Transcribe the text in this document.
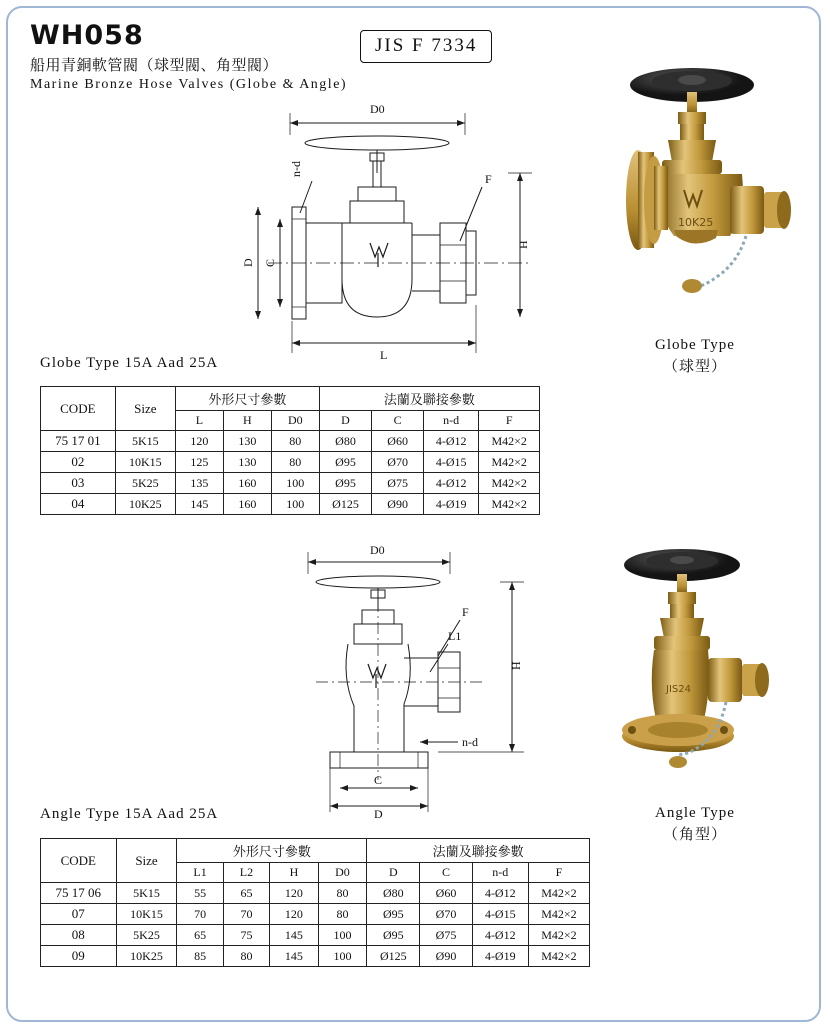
WH058
船用青銅軟管閥（球型閥、角型閥）
Marine Bronze Hose Valves (Globe & Angle)
JIS F 7334
D0
n-d
F
H
D C
L
10K25
Globe Type
（球型）
Globe Type 15A Aad 25A
CODE	Size	外形尺寸參數			法蘭及聯接參數			
		L	H	D0	D	C	n-d	F
75 17 01	5K15	120	130	80	Ø80	Ø60	4-Ø12	M42×2
02	10K15	125	130	80	Ø95	Ø70	4-Ø15	M42×2
03	5K25	135	160	100	Ø95	Ø75	4-Ø12	M42×2
04	10K25	145	160	100	Ø125	Ø90	4-Ø19	M42×2
D0
F
L1
H
n-d
C
D
JIS24
Angle Type
（角型）
Angle Type 15A Aad 25A
CODE	Size	外形尺寸參數				法蘭及聯接參數			
		L1	L2	H	D0	D	C	n-d	F
75 17 06	5K15	55	65	120	80	Ø80	Ø60	4-Ø12	M42×2
07	10K15	70	70	120	80	Ø95	Ø70	4-Ø15	M42×2
08	5K25	65	75	145	100	Ø95	Ø75	4-Ø12	M42×2
09	10K25	85	80	145	100	Ø125	Ø90	4-Ø19	M42×2
